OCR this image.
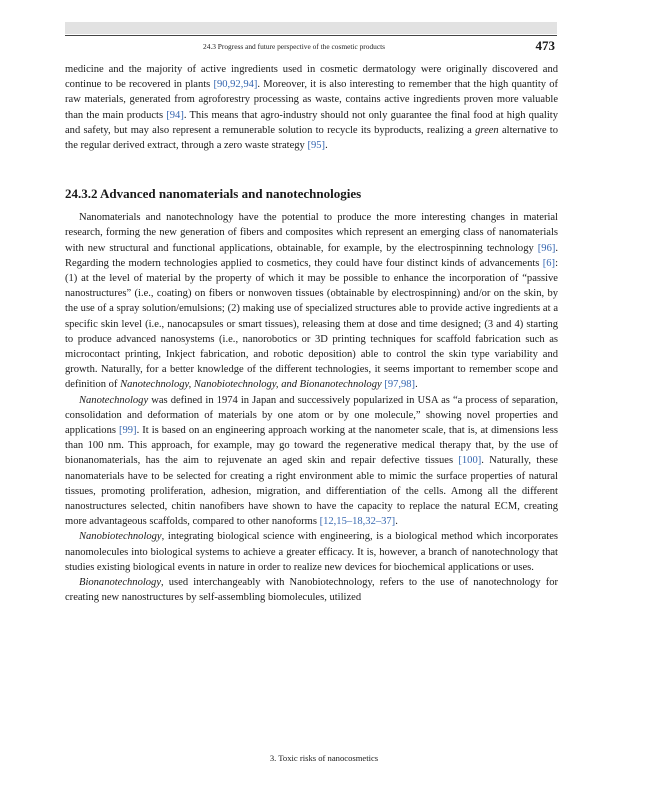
24.3 Progress and future perspective of the cosmetic products	473

medicine and the majority of active ingredients used in cosmetic dermatology were originally discovered and continue to be recovered in plants [90,92,94]. Moreover, it is also interesting to remember that the high quantity of raw materials, generated from agroforestry processing as waste, contains active ingredients proven more valuable than the main products [94]. This means that agro-industry should not only guarantee the final food at high quality and safety, but may also represent a remunerable solution to recycle its byproducts, realizing a green alternative to the regular derived extract, through a zero waste strategy [95].

24.3.2 Advanced nanomaterials and nanotechnologies

Nanomaterials and nanotechnology have the potential to produce the more interesting changes in material research, forming the new generation of fibers and composites which represent an emerging class of nanomaterials with new structural and functional applications, obtainable, for example, by the electrospinning technology [96]. Regarding the modern technologies applied to cosmetics, they could have four distinct kinds of advancements [6]: (1) at the level of material by the property of which it may be possible to enhance the incorporation of “passive nanostructures” (i.e., coating) on fibers or nonwoven tissues (obtainable by electrospinning) and/or on the skin, by the use of a spray solution/emulsions; (2) making use of specialized structures able to provide active ingredients at a specific skin level (i.e., nanocapsules or smart tissues), releasing them at dose and time designed; (3 and 4) starting to produce advanced nanosystems (i.e., nanorobotics or 3D printing techniques for scaffold fabrication such as microcontact printing, Inkject fabrication, and robotic deposition) able to control the skin type variability and growth. Naturally, for a better knowledge of the different technologies, it seems important to remember scope and definition of Nanotechnology, Nanobiotechnology, and Bionanotechnology [97,98].

Nanotechnology was defined in 1974 in Japan and successively popularized in USA as “a process of separation, consolidation and deformation of materials by one atom or by one molecule,” showing novel properties and applications [99]. It is based on an engineering approach working at the nanometer scale, that is, at dimensions less than 100 nm. This approach, for example, may go toward the regenerative medical therapy that, by the use of bionanomaterials, has the aim to rejuvenate an aged skin and repair defective tissues [100]. Naturally, these nanomaterials have to be selected for creating a right environment able to mimic the surface properties of natural tissues, promoting proliferation, adhesion, migration, and differentiation of the cells. Among all the different nanostructures selected, chitin nanofibers have shown to have the capacity to replace the natural ECM, creating more advantageous scaffolds, compared to other nanoforms [12,15–18,32–37].

Nanobiotechnology, integrating biological science with engineering, is a biological method which incorporates nanomolecules into biological systems to achieve a greater efficacy. It is, however, a branch of nanotechnology that studies existing biological events in nature in order to realize new devices for biochemical applications or uses.

Bionanotechnology, used interchangeably with Nanobiotechnology, refers to the use of nanotechnology for creating new nanostructures by self-assembling biomolecules, utilized

3. Toxic risks of nanocosmetics
